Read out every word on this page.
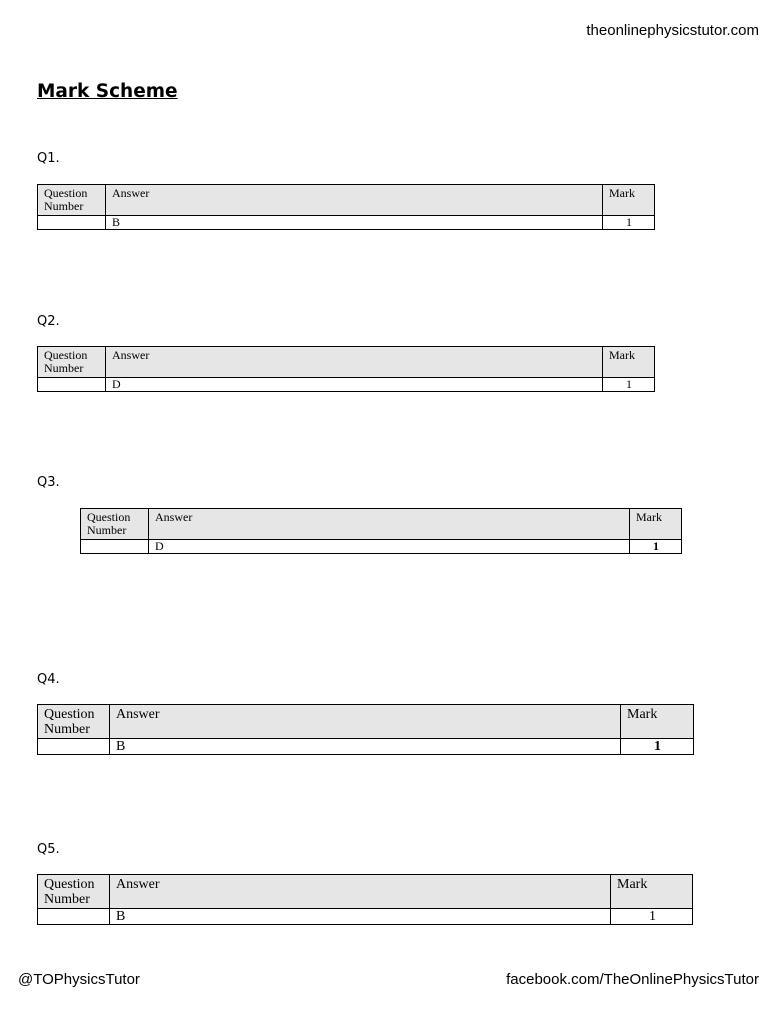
theonlinephysicstutor.com
Mark Scheme
Q1.
Question Number	Answer	Mark
	B	1
Q2.
Question Number	Answer	Mark
	D	1
Q3.
Question Number	Answer	Mark
	D	1
Q4.
Question Number	Answer	Mark
	B	1
Q5.
Question Number	Answer	Mark
	B	1
@TOPhysicsTutor	facebook.com/TheOnlinePhysicsTutor
